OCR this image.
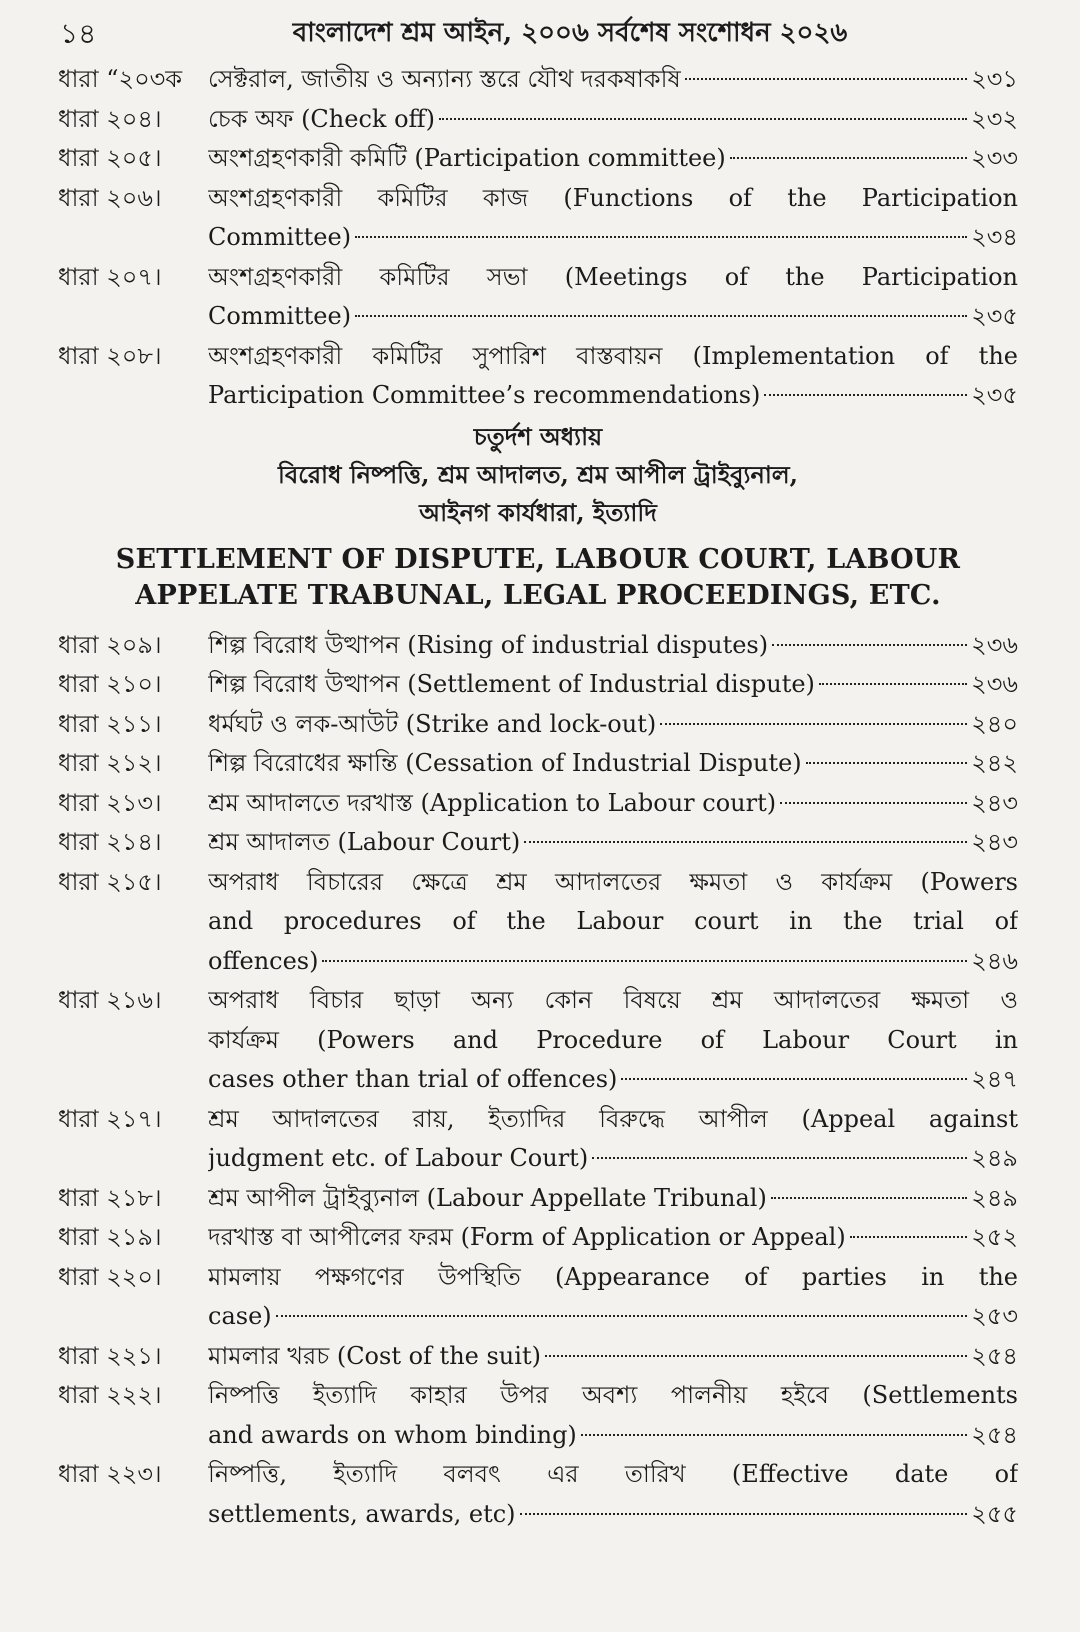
১৪	বাংলাদেশ শ্রম আইন, ২০০৬ সর্বশেষ সংশোধন ২০২৬
ধারা “২০৩ক	সেক্টরাল, জাতীয় ও অন্যান্য স্তরে যৌথ দরকষাকষি	২৩১
ধারা ২০৪।	চেক অফ (Check off)	২৩২
ধারা ২০৫।	অংশগ্রহণকারী কমিটি (Participation committee)	২৩৩
ধারা ২০৬।	অংশগ্রহণকারী কমিটির কাজ (Functions of the Participation
Committee)	২৩৪
ধারা ২০৭।	অংশগ্রহণকারী কমিটির সভা (Meetings of the Participation
Committee)	২৩৫
ধারা ২০৮।	অংশগ্রহণকারী কমিটির সুপারিশ বাস্তবায়ন (Implementation of the
Participation Committee’s recommendations)	২৩৫
চতুর্দশ অধ্যায়
বিরোধ নিষ্পত্তি, শ্রম আদালত, শ্রম আপীল ট্রাইব্যুনাল,
আইনগ কার্যধারা, ইত্যাদি
SETTLEMENT OF DISPUTE, LABOUR COURT, LABOUR
APPELATE TRABUNAL, LEGAL PROCEEDINGS, ETC.
ধারা ২০৯।	শিল্প বিরোধ উত্থাপন (Rising of industrial disputes)	২৩৬
ধারা ২১০।	শিল্প বিরোধ উত্থাপন (Settlement of Industrial dispute)	২৩৬
ধারা ২১১।	ধর্মঘট ও লক-আউট (Strike and lock-out)	২৪০
ধারা ২১২।	শিল্প বিরোধের ক্ষান্তি (Cessation of Industrial Dispute)	২৪২
ধারা ২১৩।	শ্রম আদালতে দরখাস্ত (Application to Labour court)	২৪৩
ধারা ২১৪।	শ্রম আদালত (Labour Court)	২৪৩
ধারা ২১৫।	অপরাধ বিচারের ক্ষেত্রে শ্রম আদালতের ক্ষমতা ও কার্যক্রম (Powers
and procedures of the Labour court in the trial of
offences)	২৪৬
ধারা ২১৬।	অপরাধ বিচার ছাড়া অন্য কোন বিষয়ে শ্রম আদালতের ক্ষমতা ও
কার্যক্রম (Powers and Procedure of Labour Court in
cases other than trial of offences)	২৪৭
ধারা ২১৭।	শ্রম আদালতের রায়, ইত্যাদির বিরুদ্ধে আপীল (Appeal against
judgment etc. of Labour Court)	২৪৯
ধারা ২১৮।	শ্রম আপীল ট্রাইব্যুনাল (Labour Appellate Tribunal)	২৪৯
ধারা ২১৯।	দরখাস্ত বা আপীলের ফরম (Form of Application or Appeal)	২৫২
ধারা ২২০।	মামলায় পক্ষগণের উপস্থিতি (Appearance of parties in the
case)	২৫৩
ধারা ২২১।	মামলার খরচ (Cost of the suit)	২৫৪
ধারা ২২২।	নিষ্পত্তি ইত্যাদি কাহার উপর অবশ্য পালনীয় হইবে (Settlements
and awards on whom binding)	২৫৪
ধারা ২২৩।	নিষ্পত্তি, ইত্যাদি বলবৎ এর তারিখ (Effective date of
settlements, awards, etc)	২৫৫
